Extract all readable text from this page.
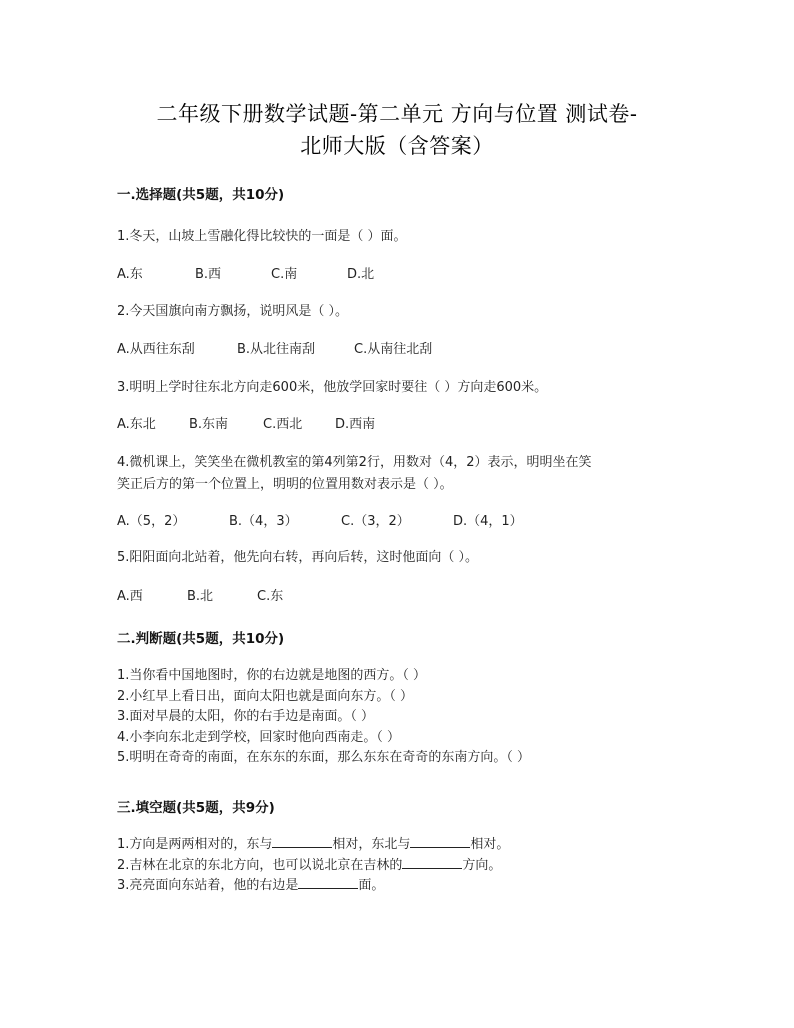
二年级下册数学试题-第二单元 方向与位置 测试卷-
北师大版（含答案）
一.选择题(共5题，共10分)
1.冬天，山坡上雪融化得比较快的一面是（ ）面。
A.东	B.西	C.南	D.北
2.今天国旗向南方飘扬，说明风是（ ）。
A.从西往东刮	B.从北往南刮	C.从南往北刮
3.明明上学时往东北方向走600米，他放学回家时要往（ ）方向走600米。
A.东北	B.东南	C.西北	D.西南
4.微机课上，笑笑坐在微机教室的第4列第2行，用数对（4，2）表示，明明坐在笑
笑正后方的第一个位置上，明明的位置用数对表示是（ ）。
A.（5，2）	B.（4，3）	C.（3，2）	D.（4，1）
5.阳阳面向北站着，他先向右转，再向后转，这时他面向（ ）。
A.西	B.北	C.东
二.判断题(共5题，共10分)
1.当你看中国地图时，你的右边就是地图的西方。（ ）
2.小红早上看日出，面向太阳也就是面向东方。（ ）
3.面对早晨的太阳，你的右手边是南面。（ ）
4.小李向东北走到学校，回家时他向西南走。（ ）
5.明明在奇奇的南面，在东东的东面，那么东东在奇奇的东南方向。（ ）
三.填空题(共5题，共9分)
1.方向是两两相对的，东与	相对，东北与	相对。
2.吉林在北京的东北方向，也可以说北京在吉林的	方向。
3.亮亮面向东站着，他的右边是	面。
